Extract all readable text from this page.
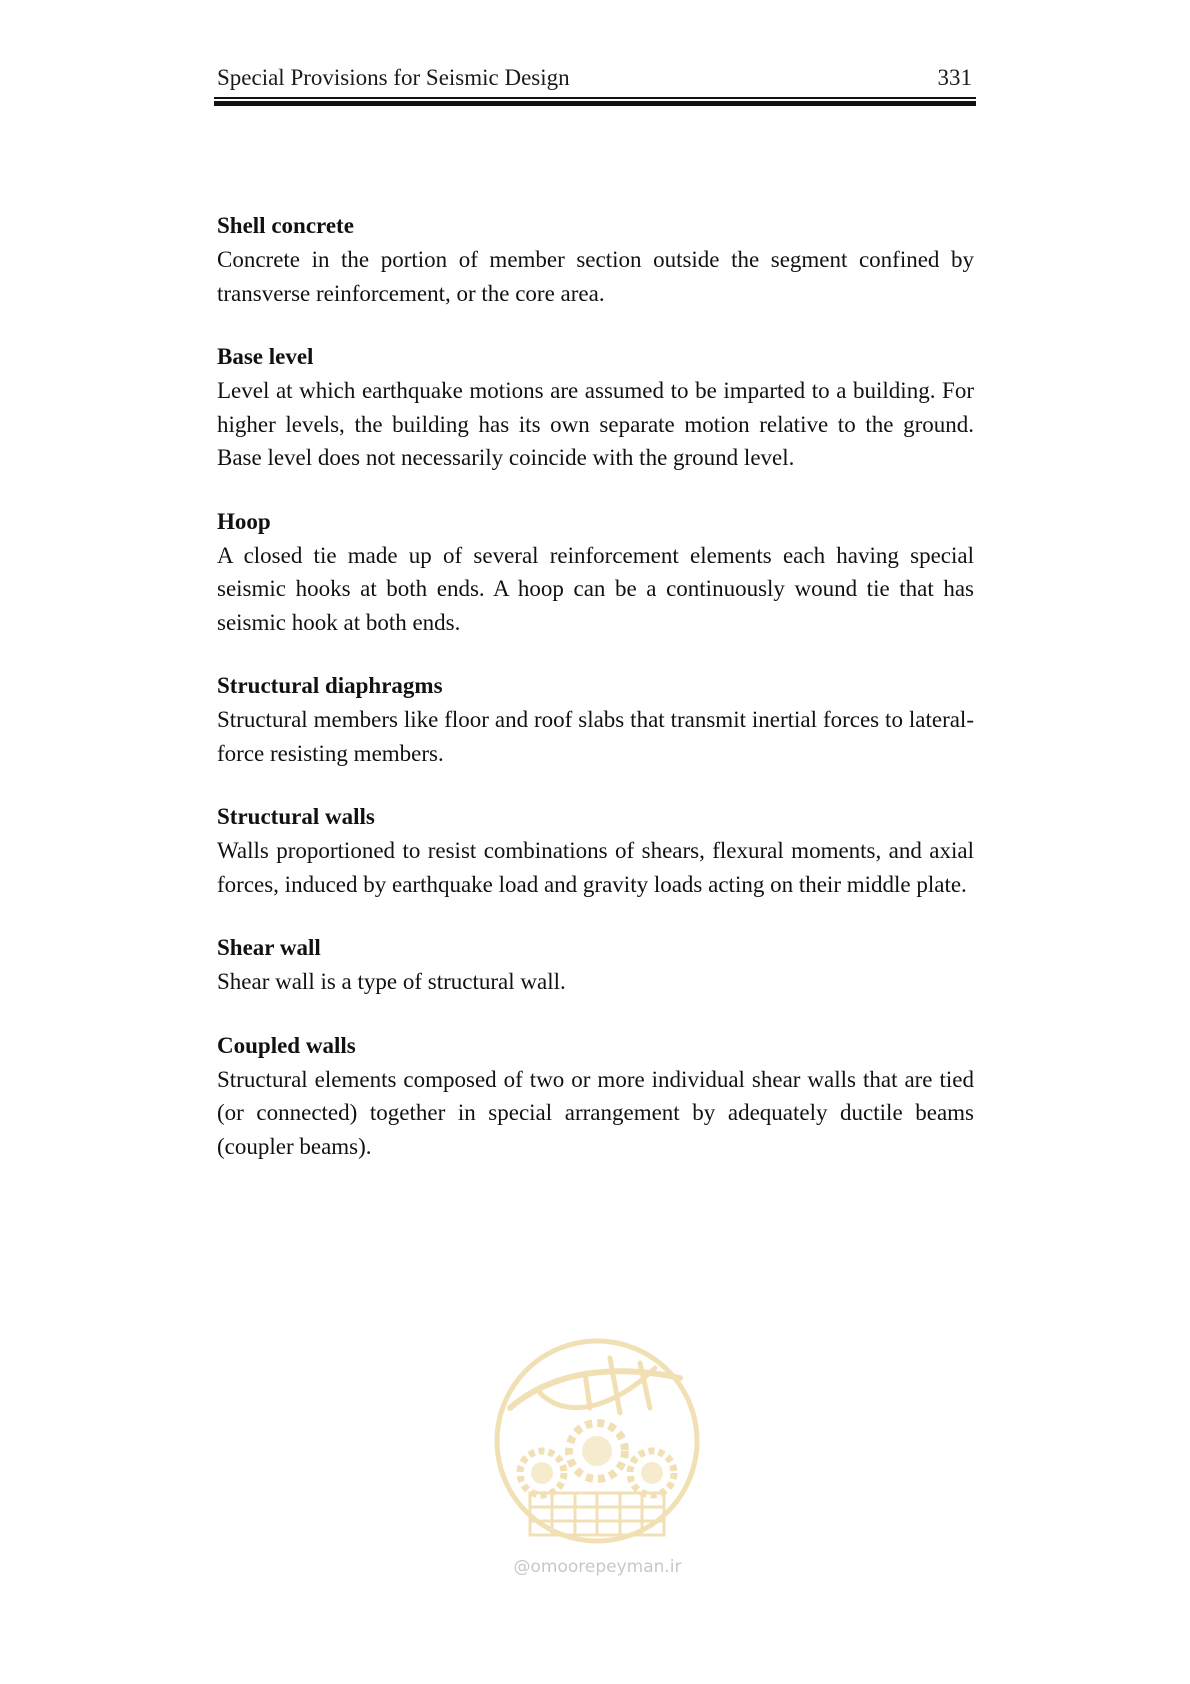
Special Provisions for Seismic Design	331
Shell concrete

Concrete in the portion of member section outside the segment confined by transverse reinforcement, or the core area.

Base level

Level at which earthquake motions are assumed to be imparted to a building. For higher levels, the building has its own separate motion relative to the ground. Base level does not necessarily coincide with the ground level.

Hoop

A closed tie made up of several reinforcement elements each having special seismic hooks at both ends. A hoop can be a continuously wound tie that has seismic hook at both ends.

Structural diaphragms

Structural members like floor and roof slabs that transmit inertial forces to lateral-force resisting members.

Structural walls

Walls proportioned to resist combinations of shears, flexural moments, and axial forces, induced by earthquake load and gravity loads acting on their middle plate.

Shear wall

Shear wall is a type of structural wall.

Coupled walls

Structural elements composed of two or more individual shear walls that are tied (or connected) together in special arrangement by adequately ductile beams (coupler beams).

@omoorepeyman.ir
